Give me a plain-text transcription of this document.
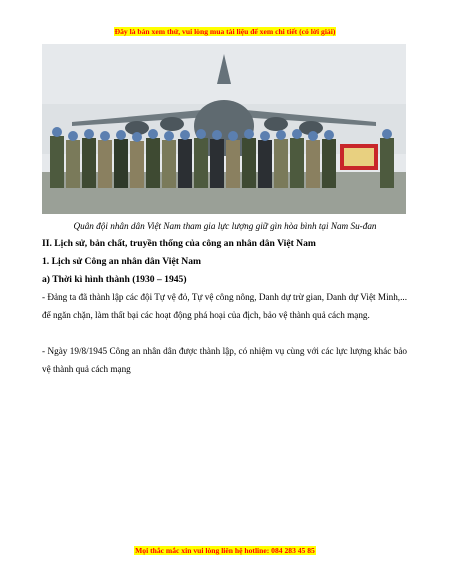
Đây là bản xem thử, vui lòng mua tài liệu để xem chi tiết (có lời giải)
Quân đội nhân dân Việt Nam tham gia lực lượng giữ gìn hòa bình tại Nam Su-đan
II. Lịch sử, bản chất, truyền thống của công an nhân dân Việt Nam
1. Lịch sử Công an nhân dân Việt Nam
a) Thời kì hình thành (1930 – 1945)
- Đảng ta đã thành lập các đội Tự vệ đỏ, Tự vệ công nông, Danh dự trừ gian, Danh dự Việt Minh,... để ngăn chặn, làm thất bại các hoạt động phá hoại của địch, bảo vệ thành quả cách mạng.
- Ngày 19/8/1945 Công an nhân dân được thành lập, có nhiệm vụ cùng với các lực lượng khác bảo vệ thành quả cách mạng
Mọi thắc mắc xin vui lòng liên hệ hotline: 084 283 45 85
